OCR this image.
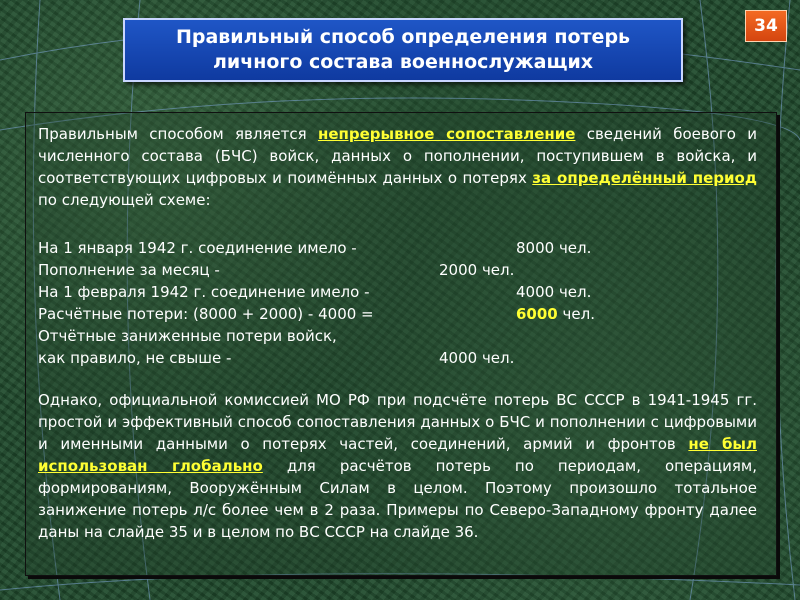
Правильный способ определения потерь
личного состава военнослужащих
34
Правильным способом является непрерывное сопоставление сведений боевого и численного состава (БЧС) войск, данных о пополнении, поступившем в войска, и соответствующих цифровых и поимённых данных о потерях за определённый период по следующей схеме:
На 1 января 1942 г. соединение имело -	8000 чел.
Пополнение за месяц -	2000 чел.
На 1 февраля 1942 г. соединение имело -	4000 чел.
Расчётные потери: (8000 + 2000) - 4000 =	6000 чел.
Отчётные заниженные потери войск,
как правило, не свыше -	4000 чел.
Однако, официальной комиссией МО РФ при подсчёте потерь ВС СССР в 1941-1945 гг. простой и эффективный способ сопоставления данных о БЧС и пополнении с цифровыми и именными данными о потерях частей, соединений, армий и фронтов не был использован глобально для расчётов потерь по периодам, операциям, формированиям, Вооружённым Силам в целом. Поэтому произошло тотальное занижение потерь л/с более чем в 2 раза. Примеры по Северо-Западному фронту далее даны на слайде 35 и в целом по ВС СССР на слайде 36.
